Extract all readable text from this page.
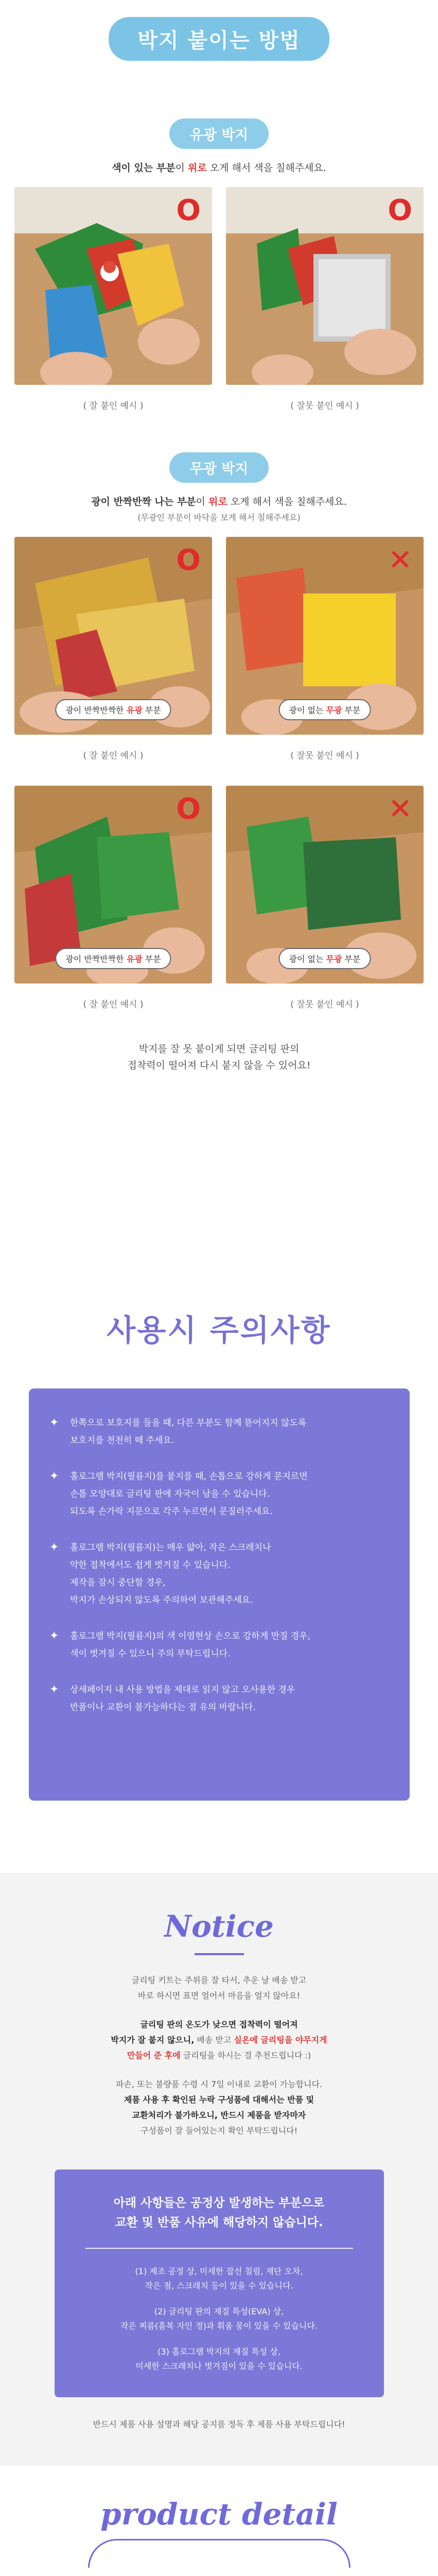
박지 붙이는 방법
유광 박지
색이 있는 부분이 위로 오게 해서 색을 칠해주세요.
O	O
( 잘 붙인 예시 )	( 잘못 붙인 예시 )
무광 박지
광이 반짝반짝 나는 부분이 위로 오게 해서 색을 칠해주세요.
(무광인 부분이 바닥을 보게 해서 칠해주세요)
O
광이 반짝반짝한 유광 부분
✕
광이 없는 무광 부분
( 잘 붙인 예시 )	( 잘못 붙인 예시 )
O
광이 반짝반짝한 유광 부분
✕
광이 없는 무광 부분
( 잘 붙인 예시 )	( 잘못 붙인 예시 )
박지를 잘 못 붙이게 되면 글리팅 판의
접착력이 떨어져 다시 붙지 않을 수 있어요!
사용시 주의사항
✦	한쪽으로 보호지를 들을 때, 다른 부분도 함께 뜯어지지 않도록
보호지를 천천히 떼 주세요.
✦	홀로그램 박지(필름지)를 붙지를 때, 손톱으로 강하게 문지르면
손톱 모양대로 글리팅 판에 자국이 남을 수 있습니다.
되도록 손가락 지문으로 각주 누르면서 문질러주세요.
✦	홀로그램 박지(필름지)는 매우 얇아, 작은 스크레치나
약한 접착에서도 쉽게 벗겨질 수 있습니다.
제작을 잠시 중단할 경우,
박지가 손상되지 않도록 주의하여 보관해주세요.
✦	홀로그램 박지(필름지)의 색 이염현상 손으로 강하게 만질 경우,
색이 벗겨질 수 있으니 주의 부탁드립니다.
✦	상세페이지 내 사용 방법을 제대로 읽지 않고 오사용한 경우
반품이나 교환이 불가능하다는 점 유의 바랍니다.
Notice
글리팅 키트는 주위를 잘 타서, 추운 날 배송 받고
바로 하시면 표면 얼어서 마음을 얼지 않아요!
글리팅 판의 온도가 낮으면 접착력이 떨어져
박지가 잘 붙지 않으니, 배송 받고 실온에 글리팅을 야무지게
만들어 준 후에 글리팅을 하시는 걸 추천드립니다 :)
파손, 또는 불량품 수령 시 7일 이내로 교환이 가능합니다.
제품 사용 후 확인된 누락 구성품에 대해서는 반품 및
교환처리가 불가하오니, 반드시 제품을 받자마자
구성품이 잘 들어있는지 확인 부탁드립니다!
아래 사항들은 공정상 발생하는 부분으로
교환 및 반품 사유에 해당하지 않습니다.
(1) 제조 공정 상, 미세한 잡선 칠림, 재단 오차,
작은 점, 스크래치 등이 있을 수 있습니다.
(2) 글리팅 판의 재질 특성(EVA) 상,
작은 찌름(흠복 자인 정)과 휘움 뭉이 있을 수 있습니다.
(3) 홀로그램 박지의 재질 특성 상,
미세한 스크래치나 벗겨짐이 있을 수 있습니다.
반드시 제품 사용 설명과 해당 공지를 정독 후 제품 사용 부탁드립니다!
product detail
